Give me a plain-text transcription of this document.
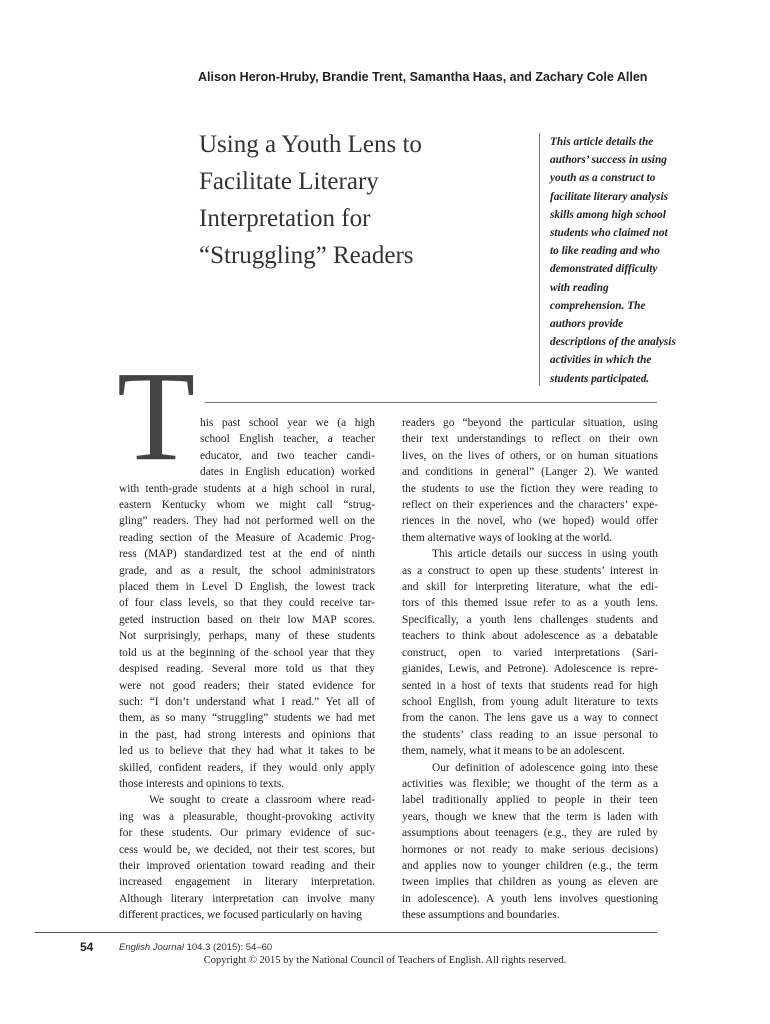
Alison Heron-Hruby, Brandie Trent, Samantha Haas, and Zachary Cole Allen
Using a Youth Lens to
Facilitate Literary
Interpretation for
“Struggling” Readers
This article details the
authors’ success in using
youth as a construct to
facilitate literary analysis
skills among high school
students who claimed not
to like reading and who
demonstrated difficulty
with reading
comprehension. The
authors provide
descriptions of the analysis
activities in which the
students participated.
T his past school year we (a high
school English teacher, a teacher
educator, and two teacher candi-
dates in English education) worked
with tenth-grade students at a high school in rural,
eastern Kentucky whom we might call “strug-
gling” readers. They had not performed well on the
reading section of the Measure of Academic Prog-
ress (MAP) standardized test at the end of ninth
grade, and as a result, the school administrators
placed them in Level D English, the lowest track
of four class levels, so that they could receive tar-
geted instruction based on their low MAP scores.
Not surprisingly, perhaps, many of these students
told us at the beginning of the school year that they
despised reading. Several more told us that they
were not good readers; their stated evidence for
such: “I don’t understand what I read.” Yet all of
them, as so many “struggling” students we had met
in the past, had strong interests and opinions that
led us to believe that they had what it takes to be
skilled, confident readers, if they would only apply
those interests and opinions to texts.
We sought to create a classroom where read-
ing was a pleasurable, thought-provoking activity
for these students. Our primary evidence of suc-
cess would be, we decided, not their test scores, but
their improved orientation toward reading and their
increased engagement in literary interpretation.
Although literary interpretation can involve many
different practices, we focused particularly on having
readers go “beyond the particular situation, using
their text understandings to reflect on their own
lives, on the lives of others, or on human situations
and conditions in general” (Langer 2). We wanted
the students to use the fiction they were reading to
reflect on their experiences and the characters’ expe-
riences in the novel, who (we hoped) would offer
them alternative ways of looking at the world.
This article details our success in using youth
as a construct to open up these students’ interest in
and skill for interpreting literature, what the edi-
tors of this themed issue refer to as a youth lens.
Specifically, a youth lens challenges students and
teachers to think about adolescence as a debatable
construct, open to varied interpretations (Sari-
gianides, Lewis, and Petrone). Adolescence is repre-
sented in a host of texts that students read for high
school English, from young adult literature to texts
from the canon. The lens gave us a way to connect
the students’ class reading to an issue personal to
them, namely, what it means to be an adolescent.
Our definition of adolescence going into these
activities was flexible; we thought of the term as a
label traditionally applied to people in their teen
years, though we knew that the term is laden with
assumptions about teenagers (e.g., they are ruled by
hormones or not ready to make serious decisions)
and applies now to younger children (e.g., the term
tween implies that children as young as eleven are
in adolescence). A youth lens involves questioning
these assumptions and boundaries.
54	English Journal 104.3 (2015): 54–60
Copyright © 2015 by the National Council of Teachers of English. All rights reserved.
